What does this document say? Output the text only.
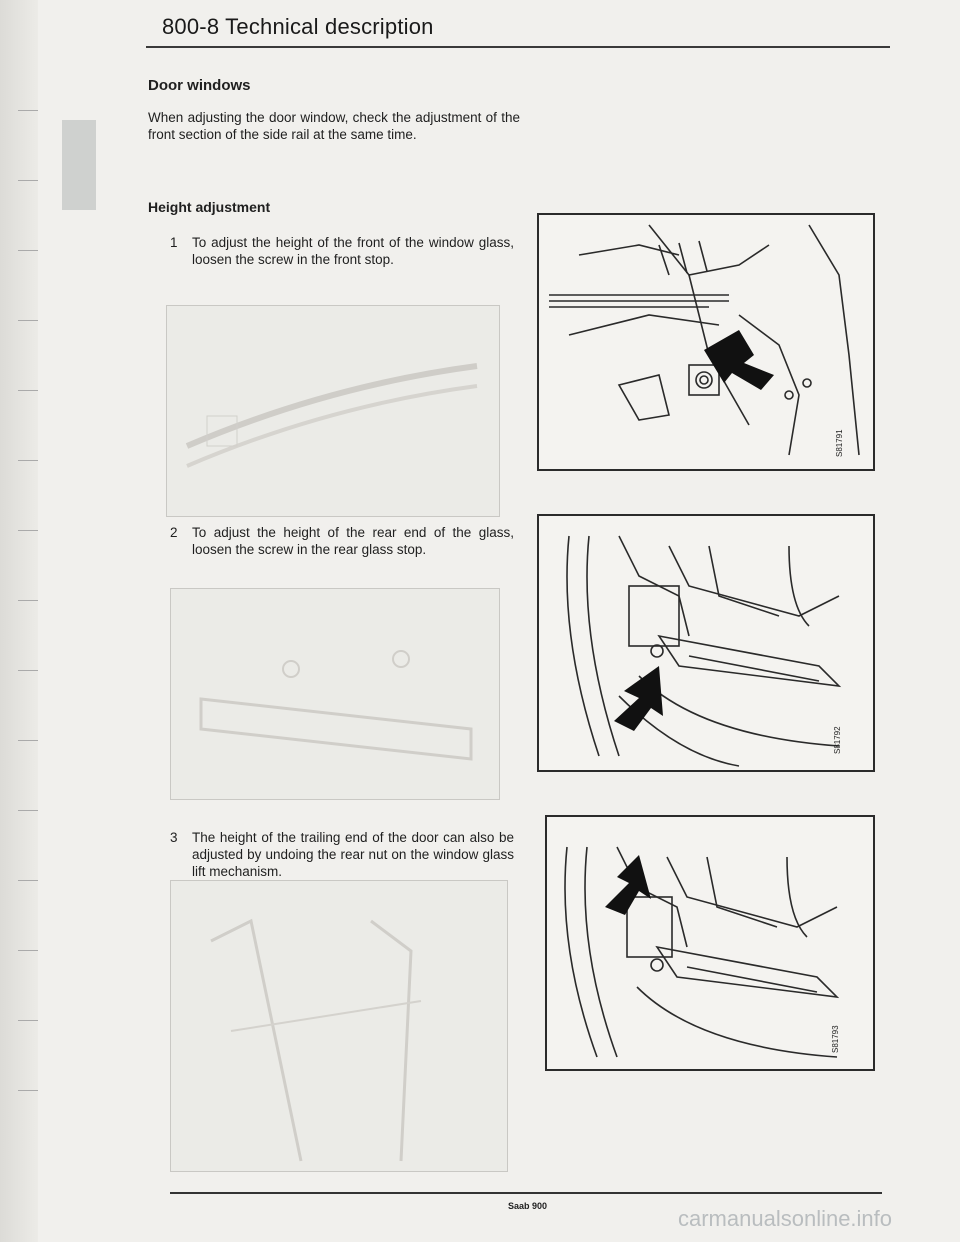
800-8 Technical description
Door windows
When adjusting the door window, check the adjustment of the front section of the side rail at the same time.
Height adjustment
1 To adjust the height of the front of the window glass, loosen the screw in the front stop.
2 To adjust the height of the rear end of the glass, loosen the screw in the rear glass stop.
3 The height of the trailing end of the door can also be adjusted by undoing the rear nut on the window glass lift mechanism.
S81791
S81792
S81793
Saab 900	carmanualsonline.info
